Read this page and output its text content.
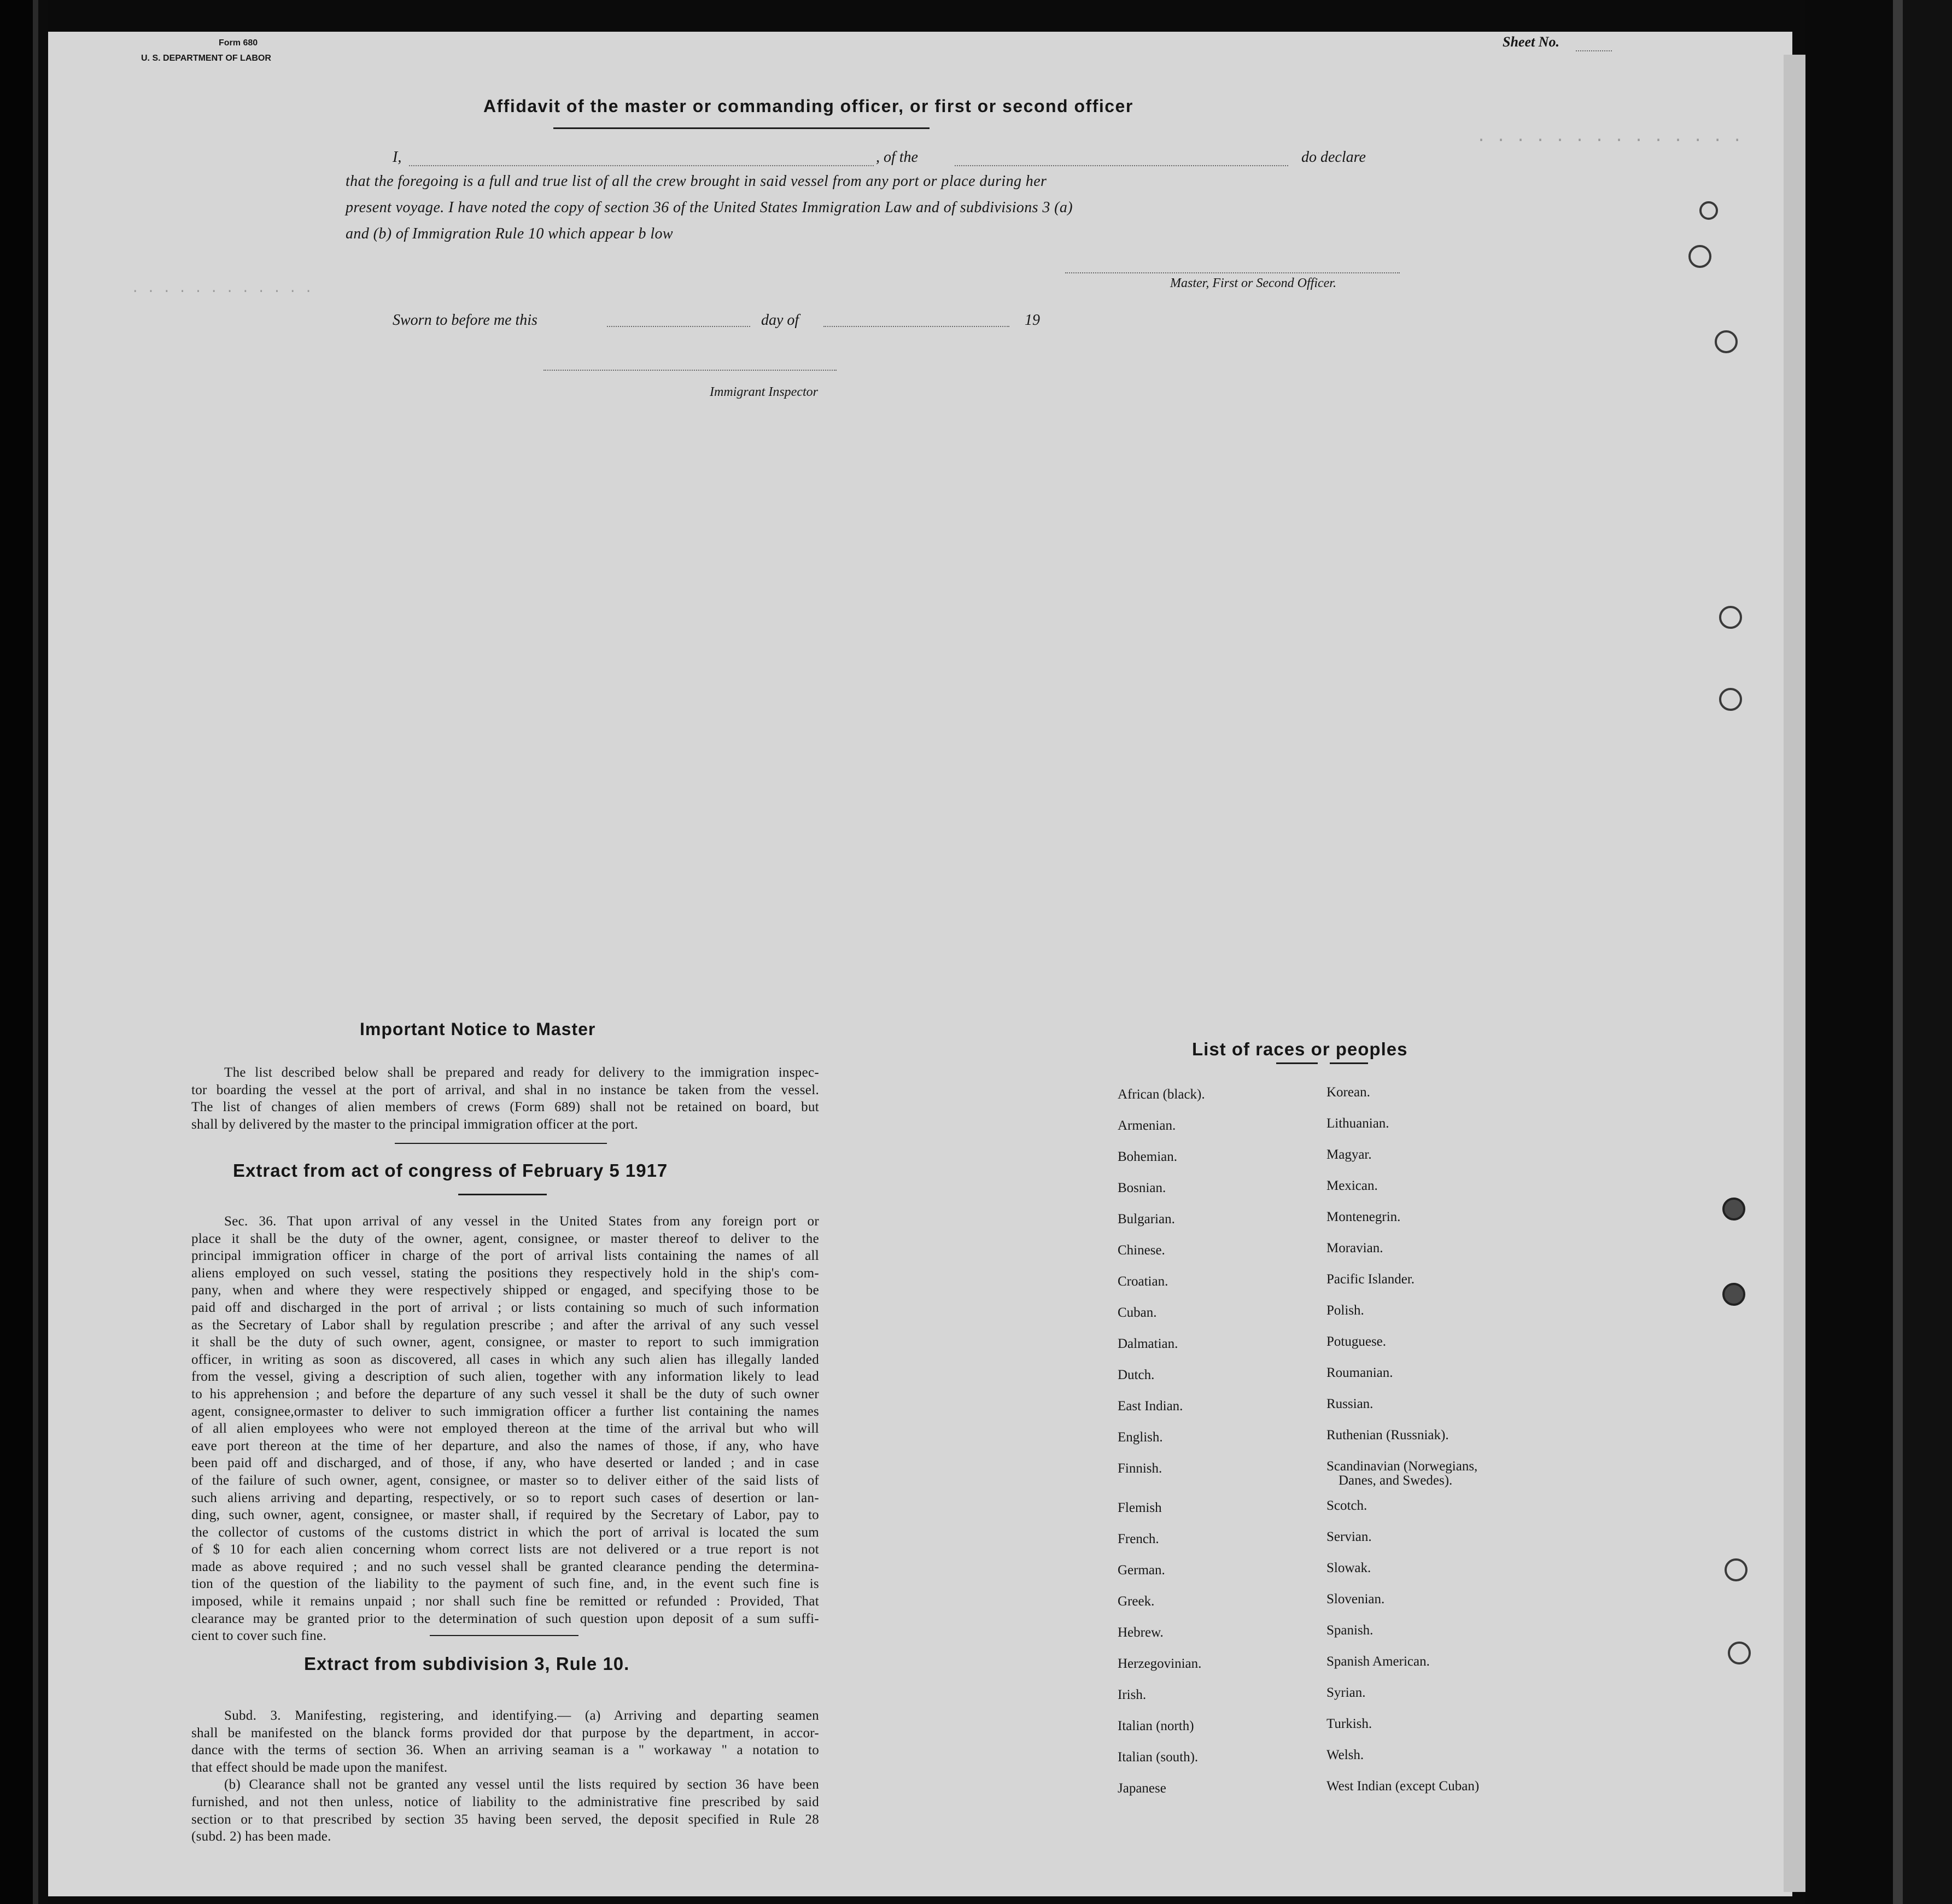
. . . . . . . . . . . .
· · · · · · · · · · · · · ·
Form 680
U. S. DEPARTMENT OF LABOR
Sheet No.
Affidavit of the master or commanding officer, or first or second officer
I,	, of the	do declare
that the foregoing is a full and true list of all the crew brought in said vessel from any port or place during her
present voyage. I have noted the copy of section 36 of the United States Immigration Law and of subdivisions 3 (a)
and (b) of Immigration Rule 10 which appear b low
Master, First or Second Officer.
Sworn to before me this	day of	19
Immigrant Inspector
Important Notice to Master
The list described below shall be prepared and ready for delivery to the immigration inspec-
tor boarding the vessel at the port of arrival, and shal in no instance be taken from the vessel.
The list of changes of alien members of crews (Form 689) shall not be retained on board, but
shall by delivered by the master to the principal immigration officer at the port.
Extract from act of congress of February 5 1917
Sec. 36. That upon arrival of any vessel in the United States from any foreign port or
place it shall be the duty of the owner, agent, consignee, or master thereof to deliver to the
principal immigration officer in charge of the port of arrival lists containing the names of all
aliens employed on such vessel, stating the positions they respectively hold in the ship's com-
pany, when and where they were respectively shipped or engaged, and specifying those to be
paid off and discharged in the port of arrival ; or lists containing so much of such information
as the Secretary of Labor shall by regulation prescribe ; and after the arrival of any such vessel
it shall be the duty of such owner, agent, consignee, or master to report to such immigration
officer, in writing as soon as discovered, all cases in which any such alien has illegally landed
from the vessel, giving a description of such alien, together with any information likely to lead
to his apprehension ; and before the departure of any such vessel it shall be the duty of such owner
agent, consignee,ormaster to deliver to such immigration officer a further list containing the names
of all alien employees who were not employed thereon at the time of the arrival but who will
eave port thereon at the time of her departure, and also the names of those, if any, who have
been paid off and discharged, and of those, if any, who have deserted or landed ; and in case
of the failure of such owner, agent, consignee, or master so to deliver either of the said lists of
such aliens arriving and departing, respectively, or so to report such cases of desertion or lan-
ding, such owner, agent, consignee, or master shall, if required by the Secretary of Labor, pay to
the collector of customs of the customs district in which the port of arrival is located the sum
of $ 10 for each alien concerning whom correct lists are not delivered or a true report is not
made as above required ; and no such vessel shall be granted clearance pending the determina-
tion of the question of the liability to the payment of such fine, and, in the event such fine is
imposed, while it remains unpaid ; nor shall such fine be remitted or refunded : Provided, That
clearance may be granted prior to the determination of such question upon deposit of a sum suffi-
cient to cover such fine.
Extract from subdivision 3, Rule 10.
Subd. 3. Manifesting, registering, and identifying.— (a) Arriving and departing seamen
shall be manifested on the blanck forms provided dor that purpose by the department, in accor-
dance with the terms of section 36. When an arriving seaman is a " workaway " a notation to
that effect should be made upon the manifest.
(b) Clearance shall not be granted any vessel until the lists required by section 36 have been
furnished, and not then unless, notice of liability to the administrative fine prescribed by said
section or to that prescribed by section 35 having been served, the deposit specified in Rule 28
(subd. 2) has been made.
List of races or peoples
African (black).
Armenian.
Bohemian.
Bosnian.
Bulgarian.
Chinese.
Croatian.
Cuban.
Dalmatian.
Dutch.
East Indian.
English.
Finnish.
Flemish
French.
German.
Greek.
Hebrew.
Herzegovinian.
Irish.
Italian (north)
Italian (south).
Japanese
Korean.
Lithuanian.
Magyar.
Mexican.
Montenegrin.
Moravian.
Pacific Islander.
Polish.
Potuguese.
Roumanian.
Russian.
Ruthenian (Russniak).
Scandinavian (Norwegians,
Danes, and Swedes).
Scotch.
Servian.
Slowak.
Slovenian.
Spanish.
Spanish American.
Syrian.
Turkish.
Welsh.
West Indian (except Cuban)
